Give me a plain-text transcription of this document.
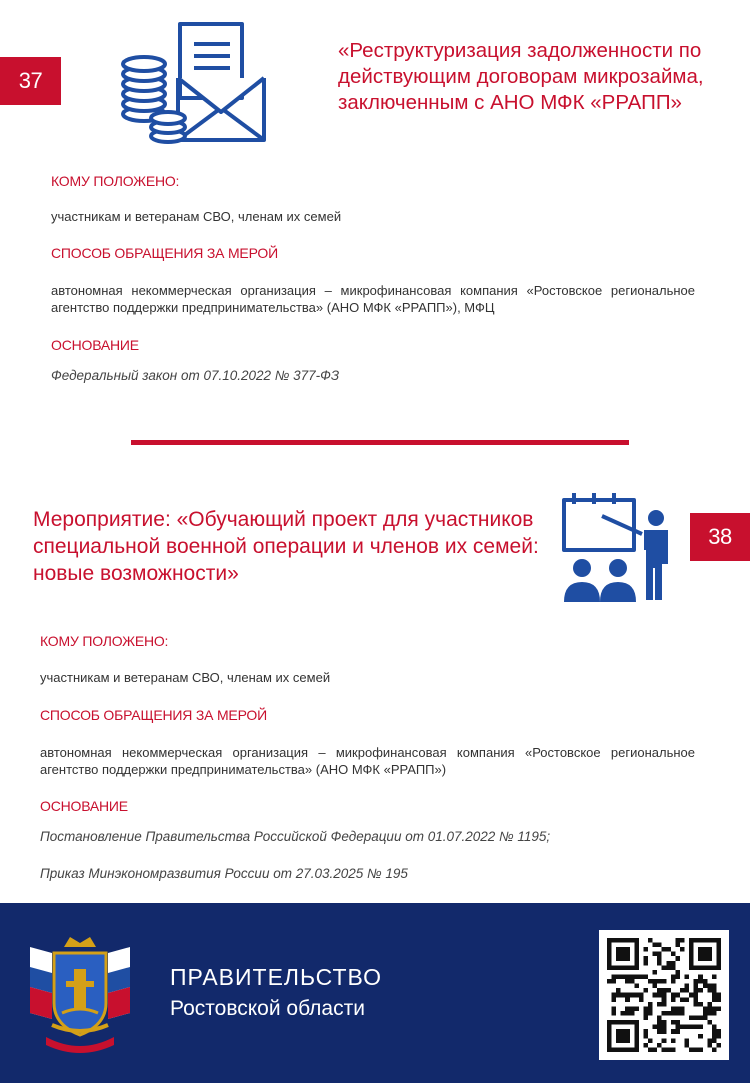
37
«Реструктуризация задолженности по действующим договорам микрозайма, заключенным с АНО МФК «РРАПП»
КОМУ ПОЛОЖЕНО:
участникам и ветеранам СВО, членам их семей
СПОСОБ ОБРАЩЕНИЯ ЗА МЕРОЙ
автономная некоммерческая организация – микрофинансовая компания «Ростовское региональное агентство поддержки предпринимательства» (АНО МФК «РРАПП»), МФЦ
ОСНОВАНИЕ
Федеральный закон от 07.10.2022 № 377-ФЗ
Мероприятие: «Обучающий проект для участников специальной военной операции и членов их семей: новые возможности»
38
КОМУ ПОЛОЖЕНО:
участникам и ветеранам СВО, членам их семей
СПОСОБ ОБРАЩЕНИЯ ЗА МЕРОЙ
автономная некоммерческая организация – микрофинансовая компания «Ростовское региональное агентство поддержки предпринимательства» (АНО МФК «РРАПП»)
ОСНОВАНИЕ
Постановление Правительства Российской Федерации от 01.07.2022 № 1195;
Приказ Минэкономразвития России от 27.03.2025 № 195
ПРАВИТЕЛЬСТВО
Ростовской области
